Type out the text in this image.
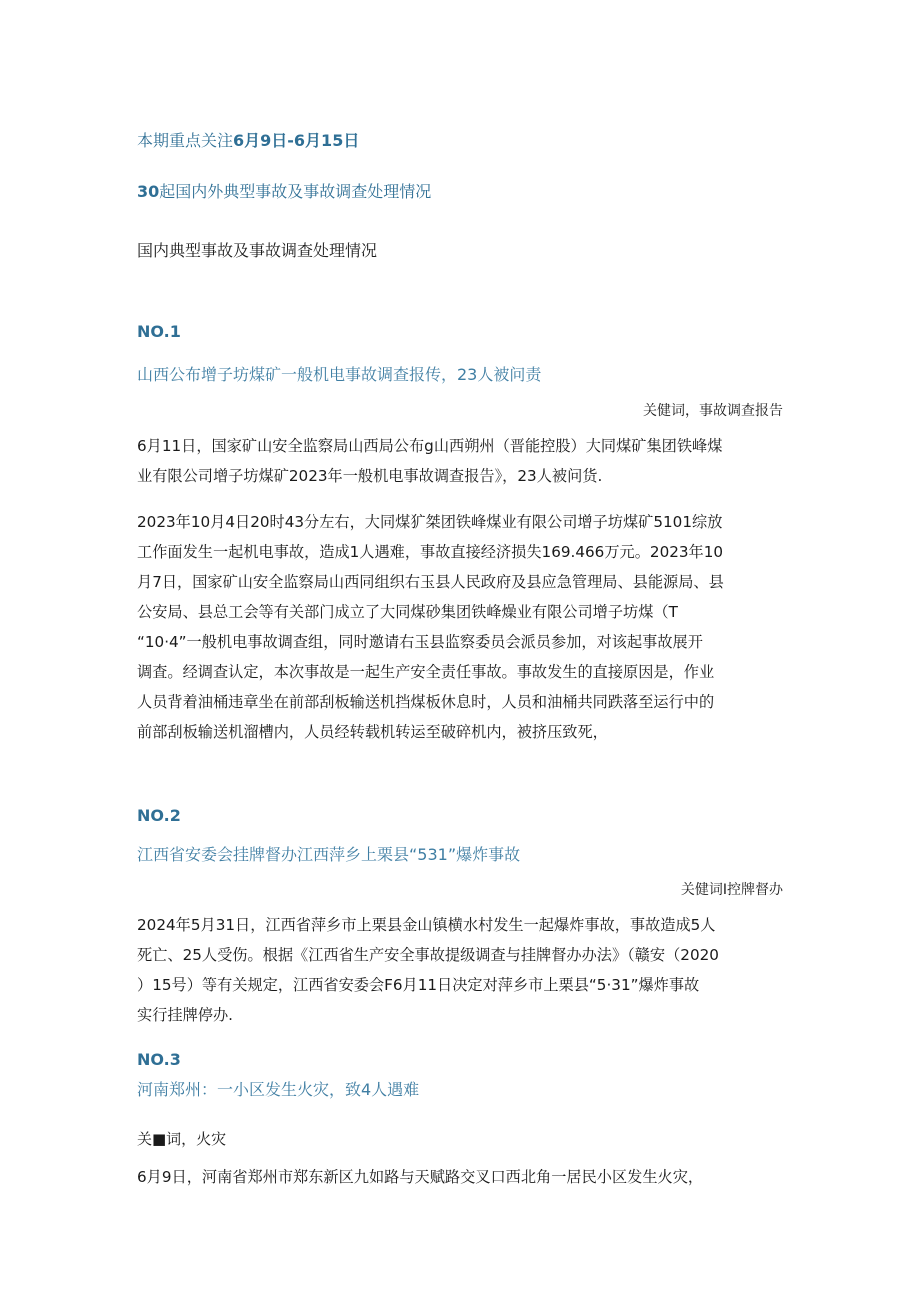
本期重点关注6月9日-6月15日
30起国内外典型事故及事故调查处理情况
国内典型事故及事故调查处理情况
NO.1
山西公布增子坊煤矿一般机电事故调查报传，23人被问责
关健词，事故调查报告
6月11日，国家矿山安全监察局山西局公布g山西朔州（晋能控股）大同煤矿集团铁峰煤
业有限公司增子坊煤矿2023年一般机电事故调查报告》，23人被问货.
2023年10月4日20时43分左右，大同煤犷桀团铁峰煤业有限公司增子坊煤矿5101综放
工作面发生一起机电事故，造成1人遇难，事故直接经济损失169.466万元。2023年10
月7日，国家矿山安全监察局山西同组织右玉县人民政府及县应急管理局、县能源局、县
公安局、县总工会等有关部门成立了大同煤砂集团铁峰燥业有限公司增子坊煤（T
“10·4”一般机电事故调查组，同时邀请右玉县监察委员会派员参加，对该起事故展开
调査。经调查认定，本次事故是一起生产安全责任事故。事故发生的直接原因是，作业
人员背着油桶违章坐在前部刮板输送机挡煤板休息时，人员和油桶共同跌落至运行中的
前部刮板输送机溜槽内，人员经转载机转运至破碎机内，被挤压致死，
NO.2
江西省安委会挂牌督办江西萍乡上栗县“531”爆炸事故
关健词I控牌督办
2024年5月31日，江西省萍乡市上栗县金山镇横水村发生一起爆炸事故，事故造成5人
死亡、25人受伤。根据《江西省生产安全事故提级调查与挂牌督办办法》（赣安（2020
）15号）等有关规定，江西省安委会F6月11日决定对萍乡市上栗县“5·31”爆炸事故
实行挂牌停办.
NO.3
河南郑州：一小区发生火灾，致4人遇难
关■词，火灾
6月9日，河南省郑州市郑东新区九如路与天赋路交叉口西北角一居民小区发生火灾，
